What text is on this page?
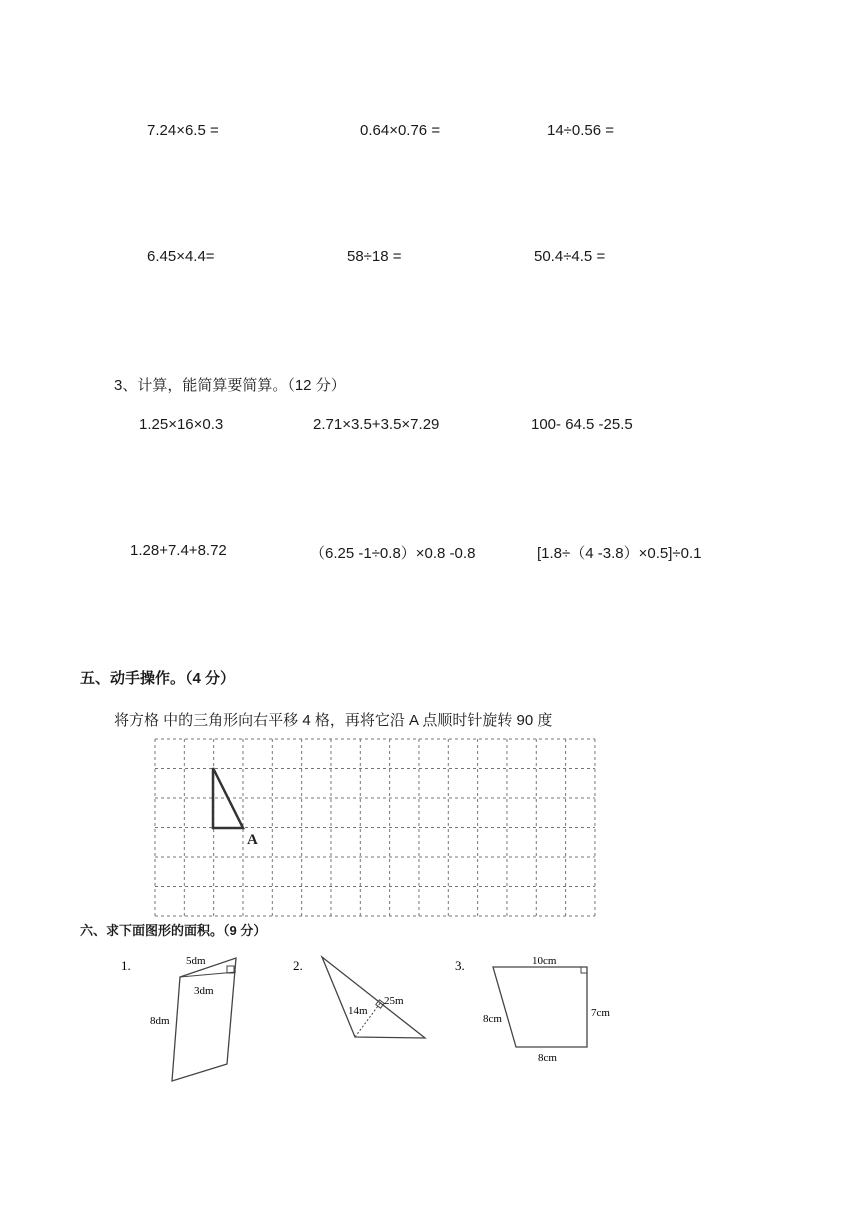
7.24×6.5 =	0.64×0.76 =	14÷0.56 =
6.45×4.4=	58÷18 =	50.4÷4.5 =
3、计算，能简算要简算。（12 分）
1.25×16×0.3	2.71×3.5+3.5×7.29	100- 64.5 -25.5
1.28+7.4+8.72	（6.25 -1÷0.8）×0.8 -0.8	[1.8÷（4 -3.8）×0.5]÷0.1
五、动手操作。（4 分）
将方格 中的三角形向右平移 4 格，再将它沿 A 点顺时针旋转 90 度
A
六、求下面图形的面积。（9 分）
1.	5dm
3dm
8dm
2.
25m
14m
3.	10cm
7cm
8cm
8cm
